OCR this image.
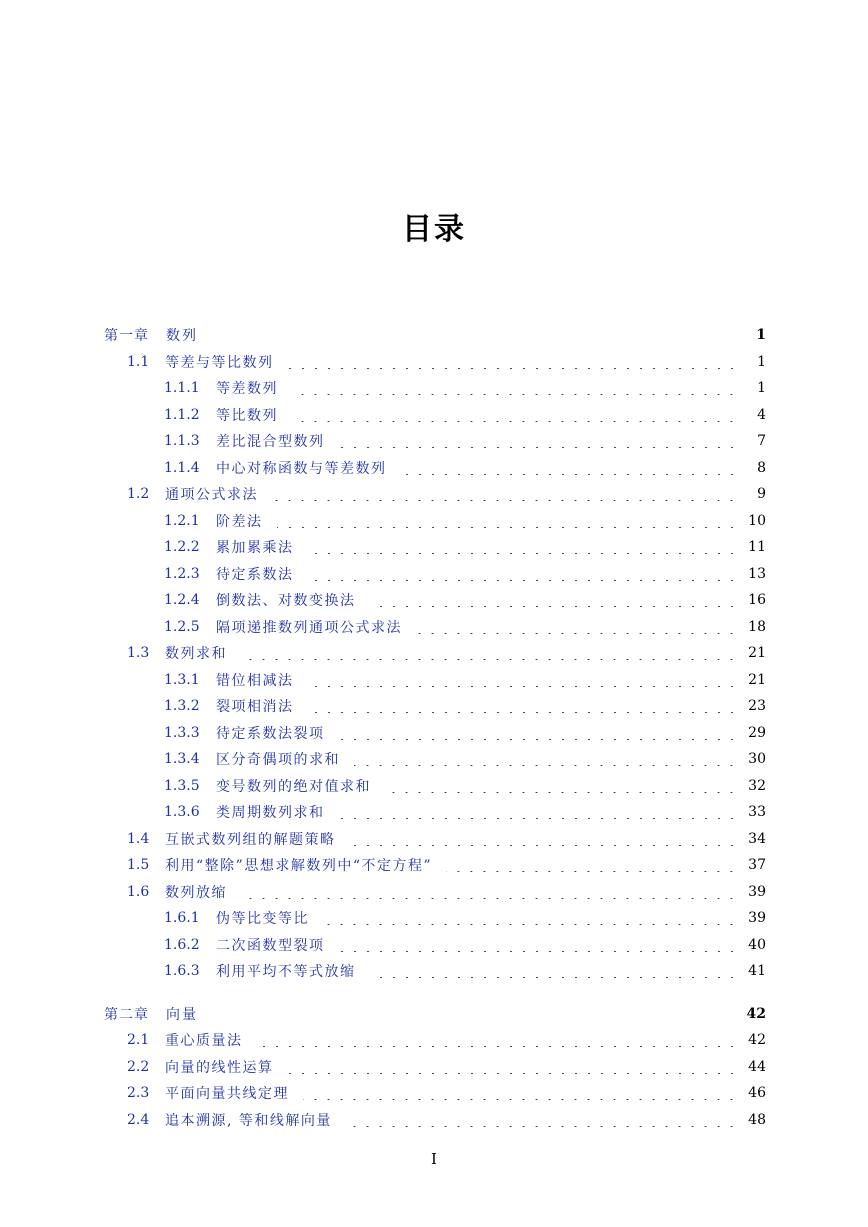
目录
第一章	数列	1
1.1	等差与等比数列	1
1.1.1	等差数列	1
1.1.2	等比数列	4
1.1.3	差比混合型数列	7
1.1.4	中心对称函数与等差数列	8
1.2	通项公式求法	9
1.2.1	阶差法	10
1.2.2	累加累乘法	11
1.2.3	待定系数法	13
1.2.4	倒数法、对数变换法	16
1.2.5	隔项递推数列通项公式求法	18
1.3	数列求和	21
1.3.1	错位相减法	21
1.3.2	裂项相消法	23
1.3.3	待定系数法裂项	29
1.3.4	区分奇偶项的求和	30
1.3.5	变号数列的绝对值求和	32
1.3.6	类周期数列求和	33
1.4	互嵌式数列组的解题策略	34
1.5	利用“整除”思想求解数列中“不定方程”	37
1.6	数列放缩	39
1.6.1	伪等比变等比	39
1.6.2	二次函数型裂项	40
1.6.3	利用平均不等式放缩	41
第二章	向量	42
2.1	重心质量法	42
2.2	向量的线性运算	44
2.3	平面向量共线定理	46
2.4	追本溯源, 等和线解向量	48
I
